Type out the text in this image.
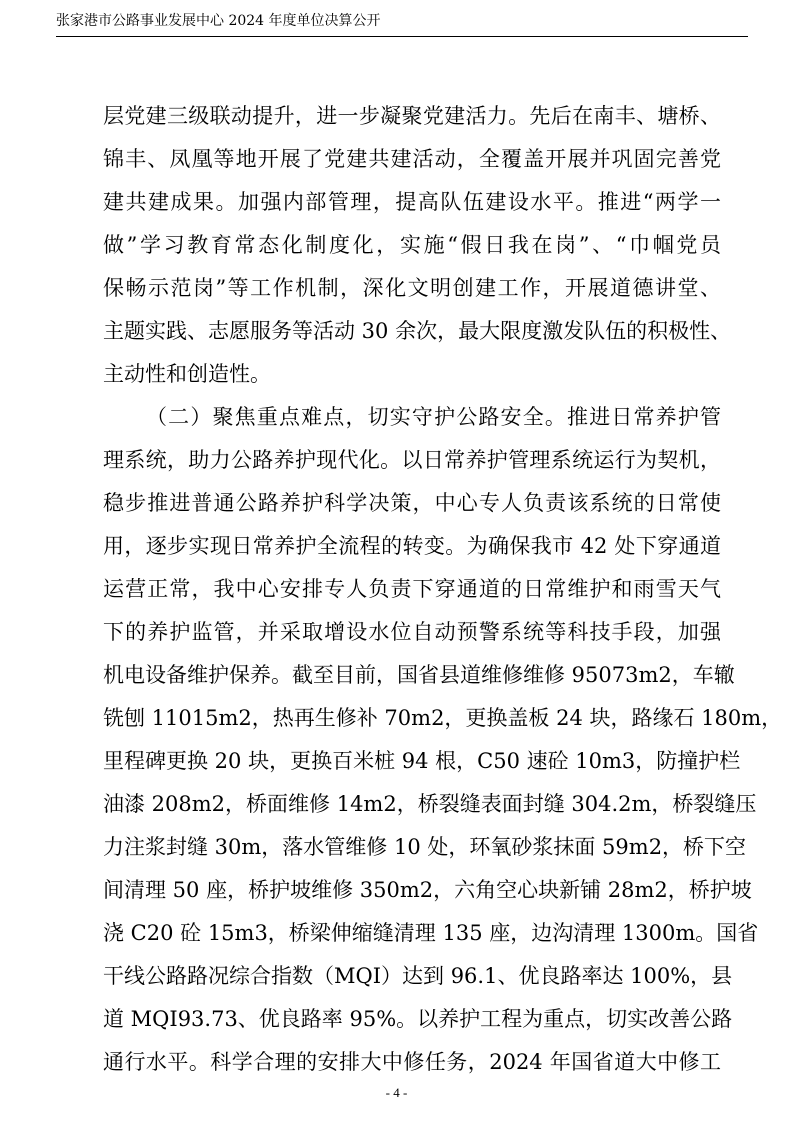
张家港市公路事业发展中心 2024 年度单位决算公开
层党建三级联动提升，进一步凝聚党建活力。先后在南丰、塘桥、
锦丰、凤凰等地开展了党建共建活动，全覆盖开展并巩固完善党
建共建成果。加强内部管理，提高队伍建设水平。推进“两学一
做”学习教育常态化制度化，实施“假日我在岗”、“巾帼党员
保畅示范岗”等工作机制，深化文明创建工作，开展道德讲堂、
主题实践、志愿服务等活动 30 余次，最大限度激发队伍的积极性、
主动性和创造性。
（二）聚焦重点难点，切实守护公路安全。推进日常养护管
理系统，助力公路养护现代化。以日常养护管理系统运行为契机，
稳步推进普通公路养护科学决策，中心专人负责该系统的日常使
用，逐步实现日常养护全流程的转变。为确保我市 42 处下穿通道
运营正常，我中心安排专人负责下穿通道的日常维护和雨雪天气
下的养护监管，并采取增设水位自动预警系统等科技手段，加强
机电设备维护保养。截至目前，国省县道维修维修 95073m2，车辙
铣刨 11015m2，热再生修补 70m2，更换盖板 24 块，路缘石 180m，
里程碑更换 20 块，更换百米桩 94 根，C50 速砼 10m3，防撞护栏
油漆 208m2，桥面维修 14m2，桥裂缝表面封缝 304.2m，桥裂缝压
力注浆封缝 30m，落水管维修 10 处，环氧砂浆抹面 59m2，桥下空
间清理 50 座，桥护坡维修 350m2，六角空心块新铺 28m2，桥护坡
浇 C20 砼 15m3，桥梁伸缩缝清理 135 座，边沟清理 1300m。国省
干线公路路况综合指数（MQI）达到 96.1、优良路率达 100%，县
道 MQI93.73、优良路率 95%。以养护工程为重点，切实改善公路
通行水平。科学合理的安排大中修任务，2024 年国省道大中修工
- 4 -
